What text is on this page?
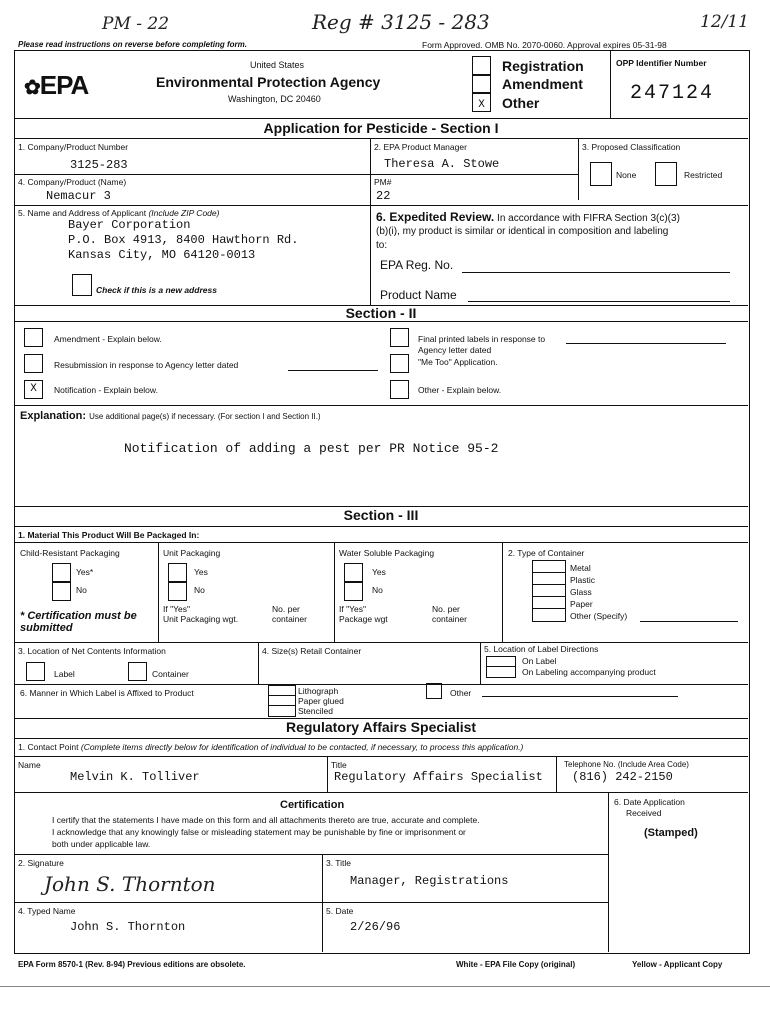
PM - 22	Reg # 3125 - 283	12/11
Please read instructions on reverse before completing form.	Form Approved. OMB No. 2070-0060. Approval expires 05-31-98
✿EPA
United States
Environmental Protection Agency
Washington, DC 20460	X
Registration
Amendment
Other
OPP Identifier Number
247124
Application for Pesticide - Section I
1. Company/Product Number
3125-283
2. EPA Product Manager
Theresa A. Stowe
3. Proposed Classification
None	Restricted
4. Company/Product (Name)
Nemacur 3
PM#
22
5. Name and Address of Applicant (Include ZIP Code)
Bayer Corporation
P.O. Box 4913, 8400 Hawthorn Rd.
Kansas City, MO 64120-0013
Check if this is a new address
6. Expedited Review. In accordance with FIFRA Section 3(c)(3)
(b)(i), my product is similar or identical in composition and labeling
to:
EPA Reg. No.
Product Name
Section - II
Amendment - Explain below.
Resubmission in response to Agency letter dated
X	Notification - Explain below.
Final printed labels in response to
Agency letter dated
"Me Too" Application.
Other - Explain below.
Explanation: Use additional page(s) if necessary. (For section I and Section II.)
Notification of adding a pest per PR Notice 95-2
Section - III
1. Material This Product Will Be Packaged In:
Child-Resistant Packaging
Yes*
No
* Certification must be submitted
Unit Packaging
Yes
No
If "Yes"
Unit Packaging wgt.
No. per
container
Water Soluble Packaging
Yes
No
If "Yes"
Package wgt
No. per
container
2. Type of Container
Metal
Plastic
Glass
Paper
Other (Specify)
3. Location of Net Contents Information
Label	Container
4. Size(s) Retail Container	5. Location of Label Directions
On Label
On Labeling accompanying product
6. Manner in Which Label is Affixed to Product	Lithograph
Paper glued
Stenciled
Other
Regulatory Affairs Specialist
1. Contact Point (Complete items directly below for identification of individual to be contacted, if necessary, to process this application.)
Name
Melvin K. Tolliver
Title
Regulatory Affairs Specialist
Telephone No. (Include Area Code)
(816) 242-2150
Certification
I certify that the statements I have made on this form and all attachments thereto are true, accurate and complete.
I acknowledge that any knowingly false or misleading statement may be punishable by fine or imprisonment or
both under applicable law.
6. Date Application
Received
(Stamped)
2. Signature
John S. Thornton
3. Title
Manager, Registrations
4. Typed Name
John S. Thornton
5. Date
2/26/96
EPA Form 8570-1 (Rev. 8-94) Previous editions are obsolete.	White - EPA File Copy (original)	Yellow - Applicant Copy
